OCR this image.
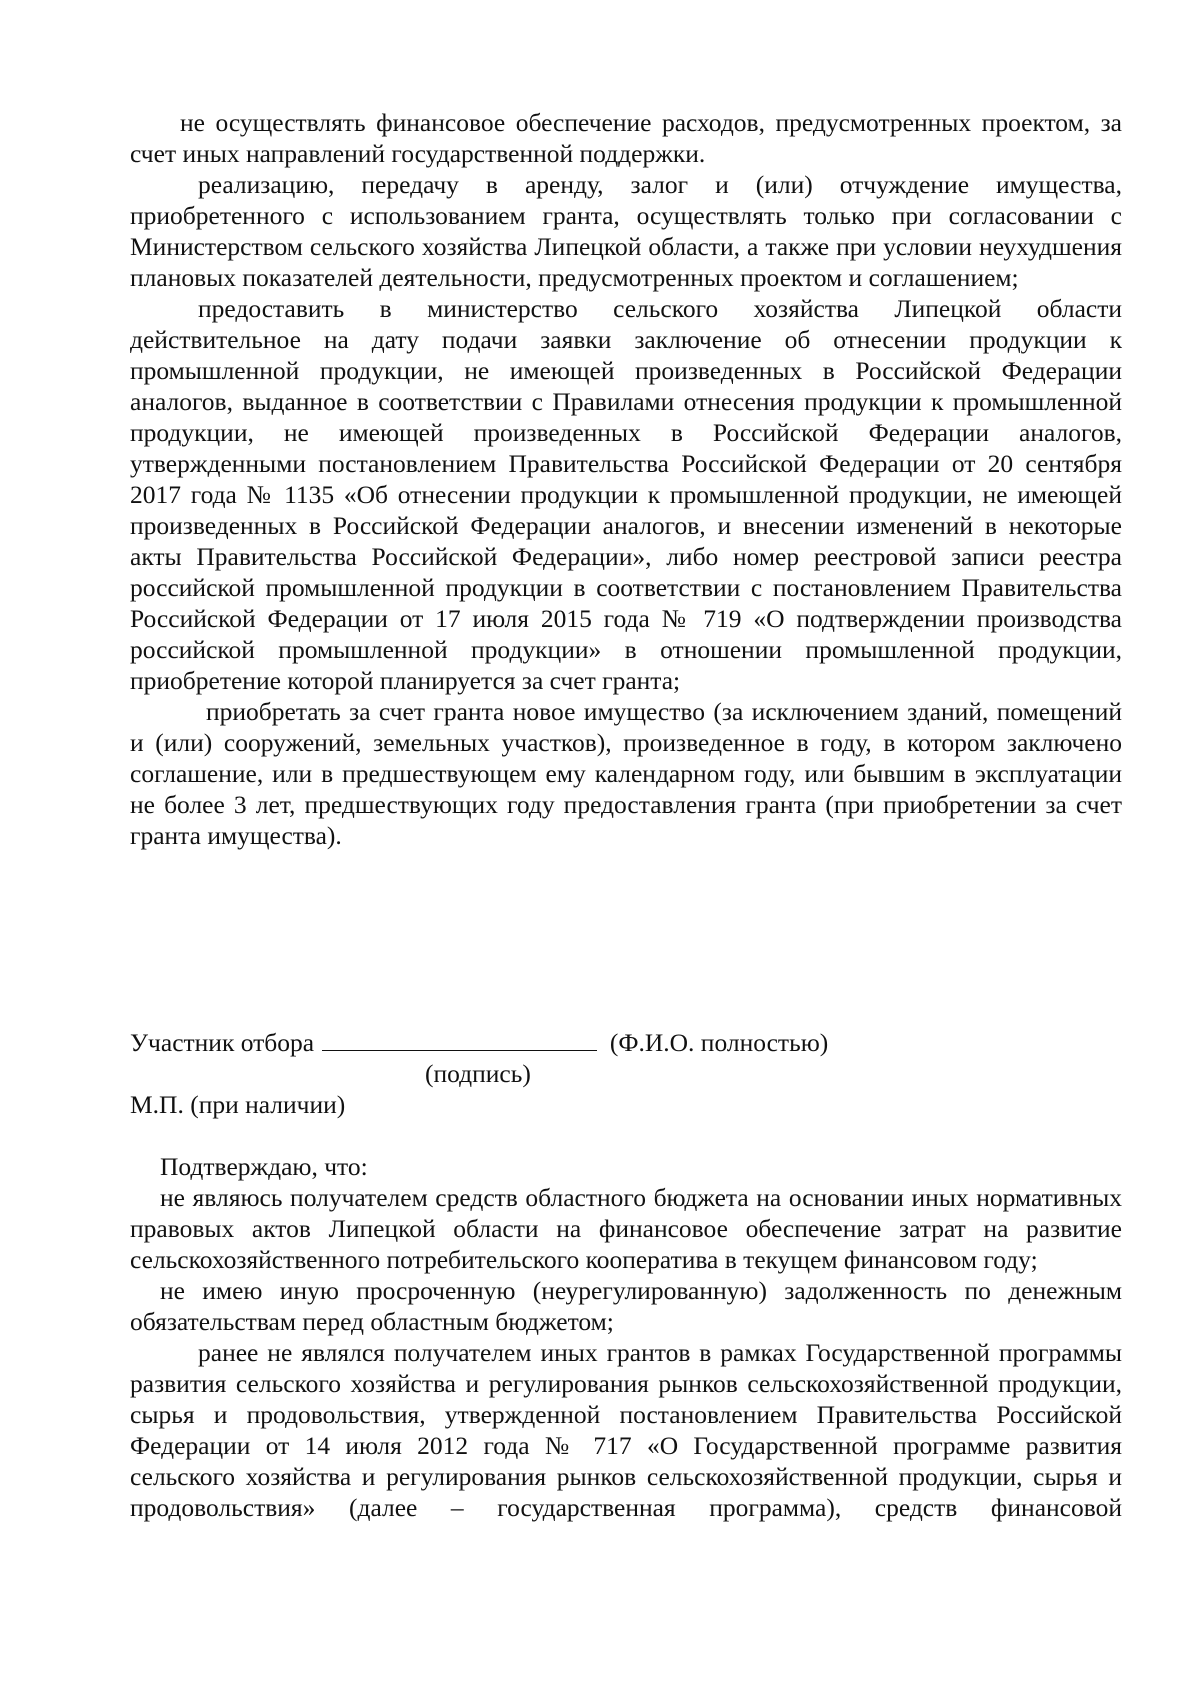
не осуществлять финансовое обеспечение расходов, предусмотренных проектом, за счет иных направлений государственной поддержки.

реализацию, передачу в аренду, залог и (или) отчуждение имущества, приобретенного с использованием гранта, осуществлять только при согласовании с Министерством сельского хозяйства Липецкой области, а также при условии неухудшения плановых показателей деятельности, предусмотренных проектом и соглашением;

предоставить в министерство сельского хозяйства Липецкой области действительное на дату подачи заявки заключение об отнесении продукции к промышленной продукции, не имеющей произведенных в Российской Федерации аналогов, выданное в соответствии с Правилами отнесения продукции к промышленной продукции, не имеющей произведенных в Российской Федерации аналогов, утвержденными постановлением Правительства Российской Федерации от 20 сентября 2017 года № 1135 «Об отнесении продукции к промышленной продукции, не имеющей произведенных в Российской Федерации аналогов, и внесении изменений в некоторые акты Правительства Российской Федерации», либо номер реестровой записи реестра российской промышленной продукции в соответствии с постановлением Правительства Российской Федерации от 17 июля 2015 года № 719 «О подтверждении производства российской промышленной продукции» в отношении промышленной продукции, приобретение которой планируется за счет гранта;

приобретать за счет гранта новое имущество (за исключением зданий, помещений и (или) сооружений, земельных участков), произведенное в году, в котором заключено соглашение, или в предшествующем ему календарном году, или бывшим в эксплуатации не более 3 лет, предшествующих году предоставления гранта (при приобретении за счет гранта имущества).

Участник отбора	(Ф.И.О. полностью)
(подпись)
М.П. (при наличии)

Подтверждаю, что:

не являюсь получателем средств областного бюджета на основании иных нормативных правовых актов Липецкой области на финансовое обеспечение затрат на развитие сельскохозяйственного потребительского кооператива в текущем финансовом году;

не имею иную просроченную (неурегулированную) задолженность по денежным обязательствам перед областным бюджетом;

ранее не являлся получателем иных грантов в рамках Государственной программы развития сельского хозяйства и регулирования рынков сельскохозяйственной продукции, сырья и продовольствия, утвержденной постановлением Правительства Российской Федерации от 14 июля 2012 года № 717 «О Государственной программе развития сельского хозяйства и регулирования рынков сельскохозяйственной продукции, сырья и продовольствия» (далее – государственная программа), средств финансовой
